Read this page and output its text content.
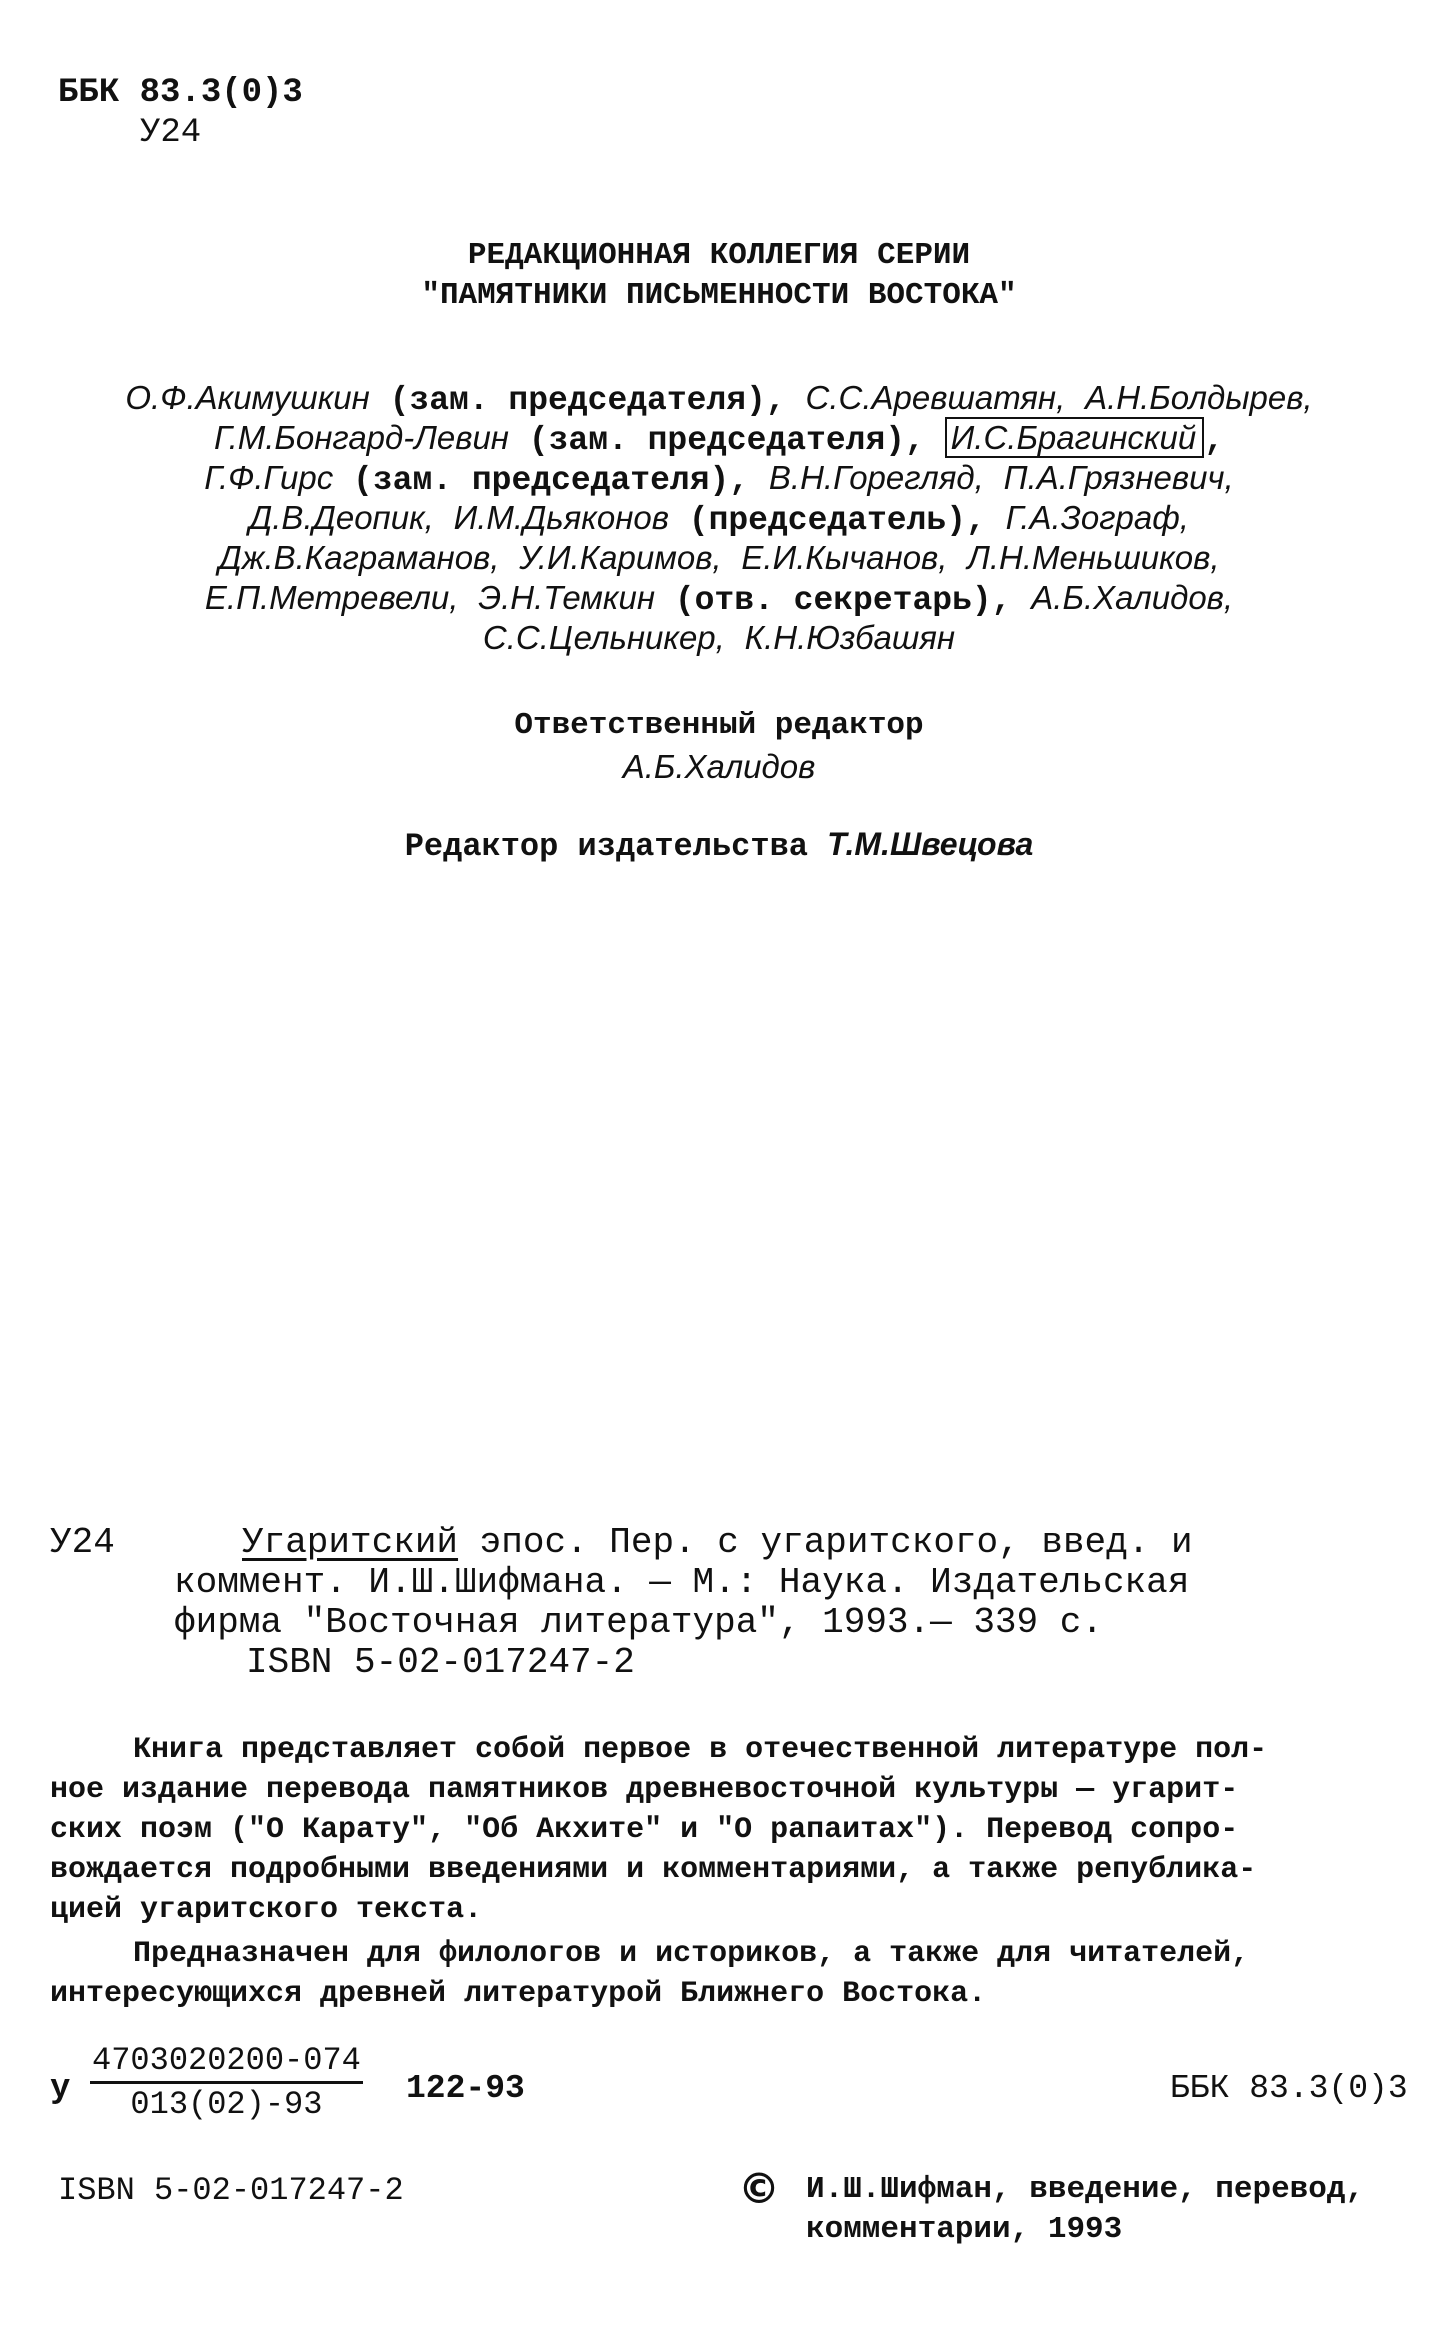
ББК 83.3(0)3
У24
РЕДАКЦИОННАЯ КОЛЛЕГИЯ СЕРИИ
"ПАМЯТНИКИ ПИСЬМЕННОСТИ ВОСТОКА"
О.Ф.Акимушкин (зам. председателя), С.С.Аревшатян, А.Н.Болдырев,
Г.М.Бонгард-Левин (зам. председателя), И.С.Брагинский ,
Г.Ф.Гирс (зам. председателя), В.Н.Горегляд, П.А.Грязневич,
Д.В.Деопик, И.М.Дьяконов (председатель), Г.А.Зограф,
Дж.В.Каграманов, У.И.Каримов, Е.И.Кычанов, Л.Н.Меньшиков,
Е.П.Метревели, Э.Н.Темкин (отв. секретарь), А.Б.Халидов,
С.С.Цельникер, К.Н.Юзбашян
Ответственный редактор
А.Б.Халидов
Редактор издательства Т.М.Швецова
У24	Угаритский эпос. Пер. с угаритского, введ. и
коммент. И.Ш.Шифмана. — М.: Наука. Издательская
фирма "Восточная литература", 1993.— 339 с.
ISBN 5-02-017247-2
Книга представляет собой первое в отечественной литературе пол-
ное издание перевода памятников древневосточной культуры — угарит-
ских поэм ("О Карату", "Об Акхите" и "О рапаитах"). Перевод сопро-
вождается подробными введениями и комментариями, а также република-
цией угаритского текста.
Предназначен для филологов и историков, а также для читателей,
интересующихся древней литературой Ближнего Востока.
у $\frac{4703020200-074}{013(02)-93} 122-93$	ББК 83.3(0)3
ISBN 5-02-017247-2	© И.Ш.Шифман, введение, перевод,
комментарии, 1993
